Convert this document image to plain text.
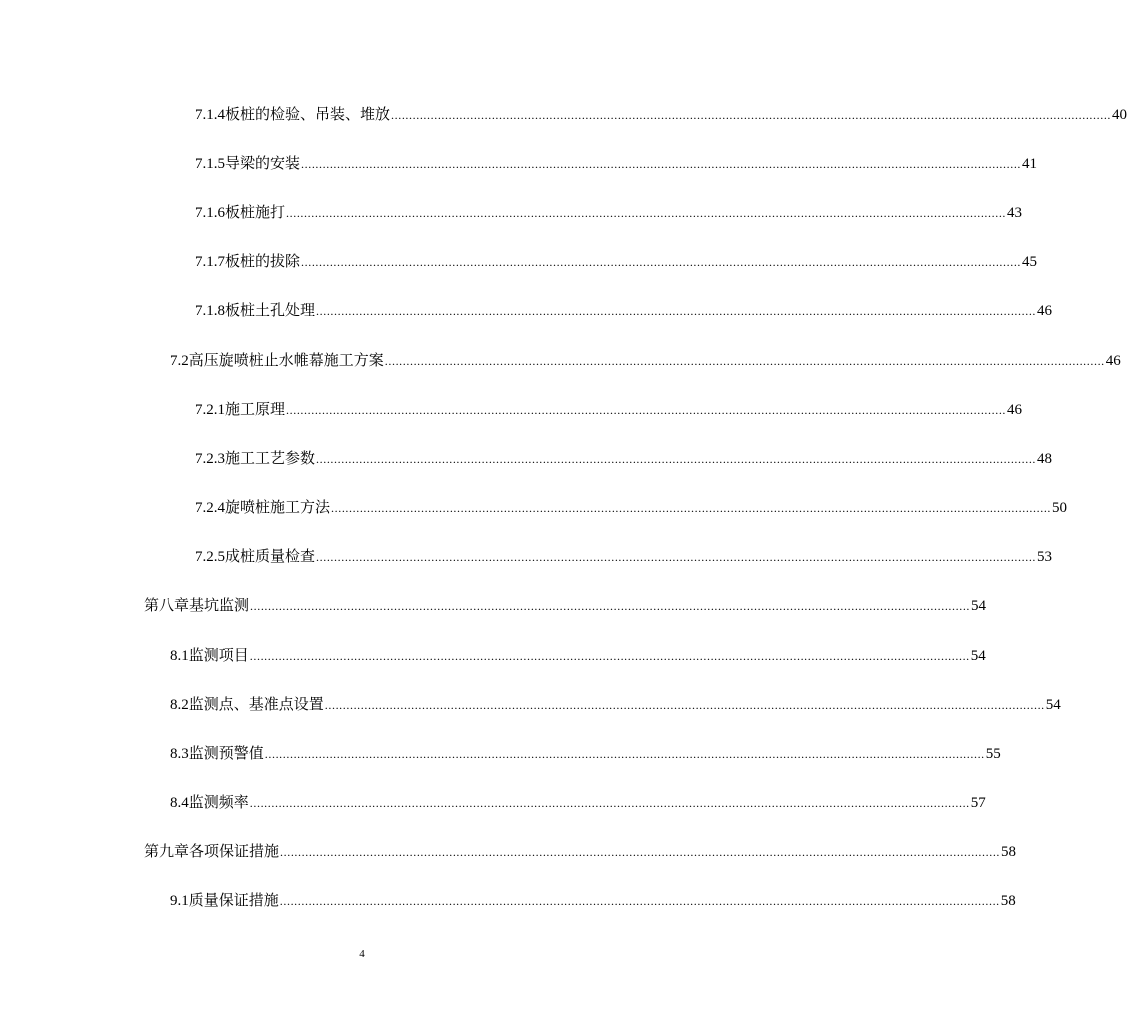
7.1.4 板桩的检验、吊装、堆放 ........................................................................................................................................................................................................ 40
7.1.5 导梁的安装 ........................................................................................................................................................................................................ 41
7.1.6 板桩施打 ........................................................................................................................................................................................................ 43
7.1.7 板桩的拔除 ........................................................................................................................................................................................................ 45
7.1.8 板桩土孔处理 ........................................................................................................................................................................................................ 46
7.2 高压旋喷桩止水帷幕施工方案 ........................................................................................................................................................................................................ 46
7.2.1 施工原理 ........................................................................................................................................................................................................ 46
7.2.3 施工工艺参数 ........................................................................................................................................................................................................ 48
7.2.4 旋喷桩施工方法 ........................................................................................................................................................................................................ 50
7.2.5 成桩质量检查 ........................................................................................................................................................................................................ 53
第八章 基坑监测 ........................................................................................................................................................................................................ 54
8.1 监测项目 ........................................................................................................................................................................................................ 54
8.2 监测点、基准点设置 ........................................................................................................................................................................................................ 54
8.3 监测预警值 ........................................................................................................................................................................................................ 55
8.4 监测频率 ........................................................................................................................................................................................................ 57
第九章 各项保证措施 ........................................................................................................................................................................................................ 58
9.1 质量保证措施 ........................................................................................................................................................................................................ 58
4
